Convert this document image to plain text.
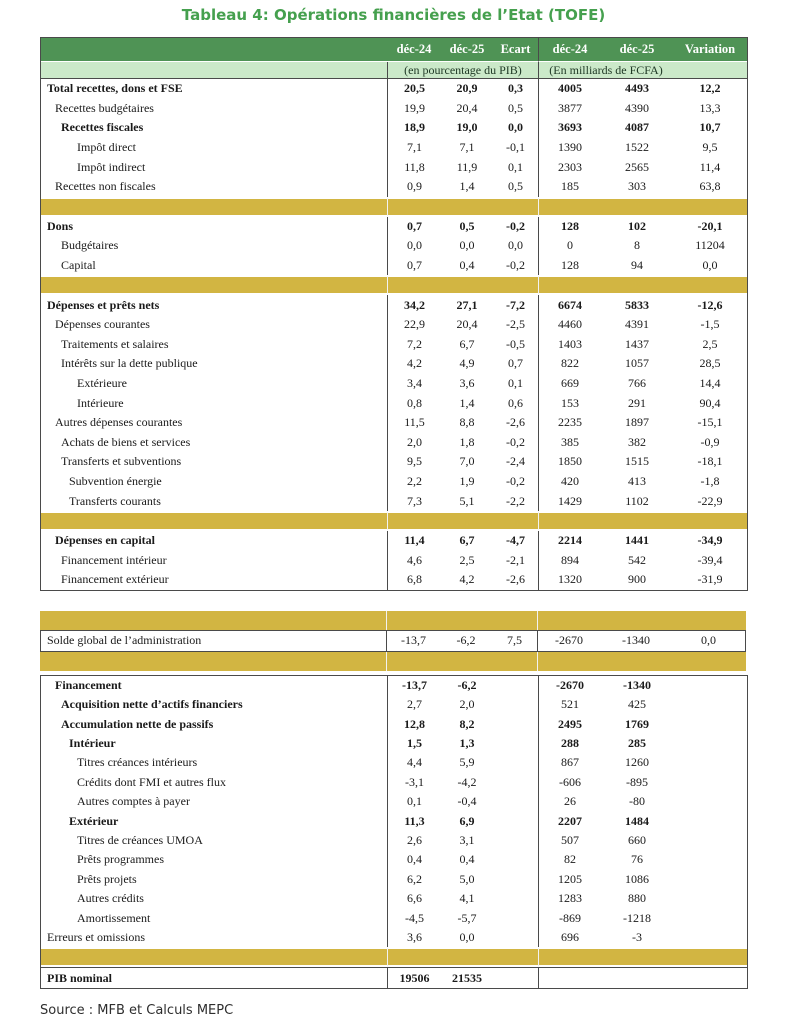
Tableau 4: Opérations financières de l’Etat (TOFE)
	déc-24	déc-25	Ecart	déc-24	déc-25	Variation
	(en pourcentage du PIB)			(En milliards de FCFA)		
Total recettes, dons et FSE	20,5	20,9	0,3	4005	4493	12,2
Recettes budgétaires	19,9	20,4	0,5	3877	4390	13,3
Recettes fiscales	18,9	19,0	0,0	3693	4087	10,7
Impôt direct	7,1	7,1	-0,1	1390	1522	9,5
Impôt indirect	11,8	11,9	0,1	2303	2565	11,4
Recettes non fiscales	0,9	1,4	0,5	185	303	63,8

Dons	0,7	0,5	-0,2	128	102	-20,1
Budgétaires	0,0	0,0	0,0	0	8	11204
Capital	0,7	0,4	-0,2	128	94	0,0

Dépenses et prêts nets	34,2	27,1	-7,2	6674	5833	-12,6
Dépenses courantes	22,9	20,4	-2,5	4460	4391	-1,5
Traitements et salaires	7,2	6,7	-0,5	1403	1437	2,5
Intérêts sur la dette publique	4,2	4,9	0,7	822	1057	28,5
Extérieure	3,4	3,6	0,1	669	766	14,4
Intérieure	0,8	1,4	0,6	153	291	90,4
Autres dépenses courantes	11,5	8,8	-2,6	2235	1897	-15,1
Achats de biens et services	2,0	1,8	-0,2	385	382	-0,9
Transferts et subventions	9,5	7,0	-2,4	1850	1515	-18,1
Subvention énergie	2,2	1,9	-0,2	420	413	-1,8
Transferts courants	7,3	5,1	-2,2	1429	1102	-22,9

Dépenses en capital	11,4	6,7	-4,7	2214	1441	-34,9
Financement intérieur	4,6	2,5	-2,1	894	542	-39,4
Financement extérieur	6,8	4,2	-2,6	1320	900	-31,9

Solde global de l’administration	-13,7	-6,2	7,5	-2670	-1340	0,0

Financement	-13,7	-6,2		-2670	-1340	
Acquisition nette d’actifs financiers	2,7	2,0		521	425	
Accumulation nette de passifs	12,8	8,2		2495	1769	
Intérieur	1,5	1,3		288	285	
Titres créances intérieurs	4,4	5,9		867	1260	
Crédits dont FMI et autres flux	-3,1	-4,2		-606	-895	
Autres comptes à payer	0,1	-0,4		26	-80	
Extérieur	11,3	6,9		2207	1484	
Titres de créances UMOA	2,6	3,1		507	660	
Prêts programmes	0,4	0,4		82	76	
Prêts projets	6,2	5,0		1205	1086	
Autres crédits	6,6	4,1		1283	880	
Amortissement	-4,5	-5,7		-869	-1218	
Erreurs et omissions	3,6	0,0		696	-3	

PIB nominal	19506	21535				
Source : MFB et Calculs MEPC
